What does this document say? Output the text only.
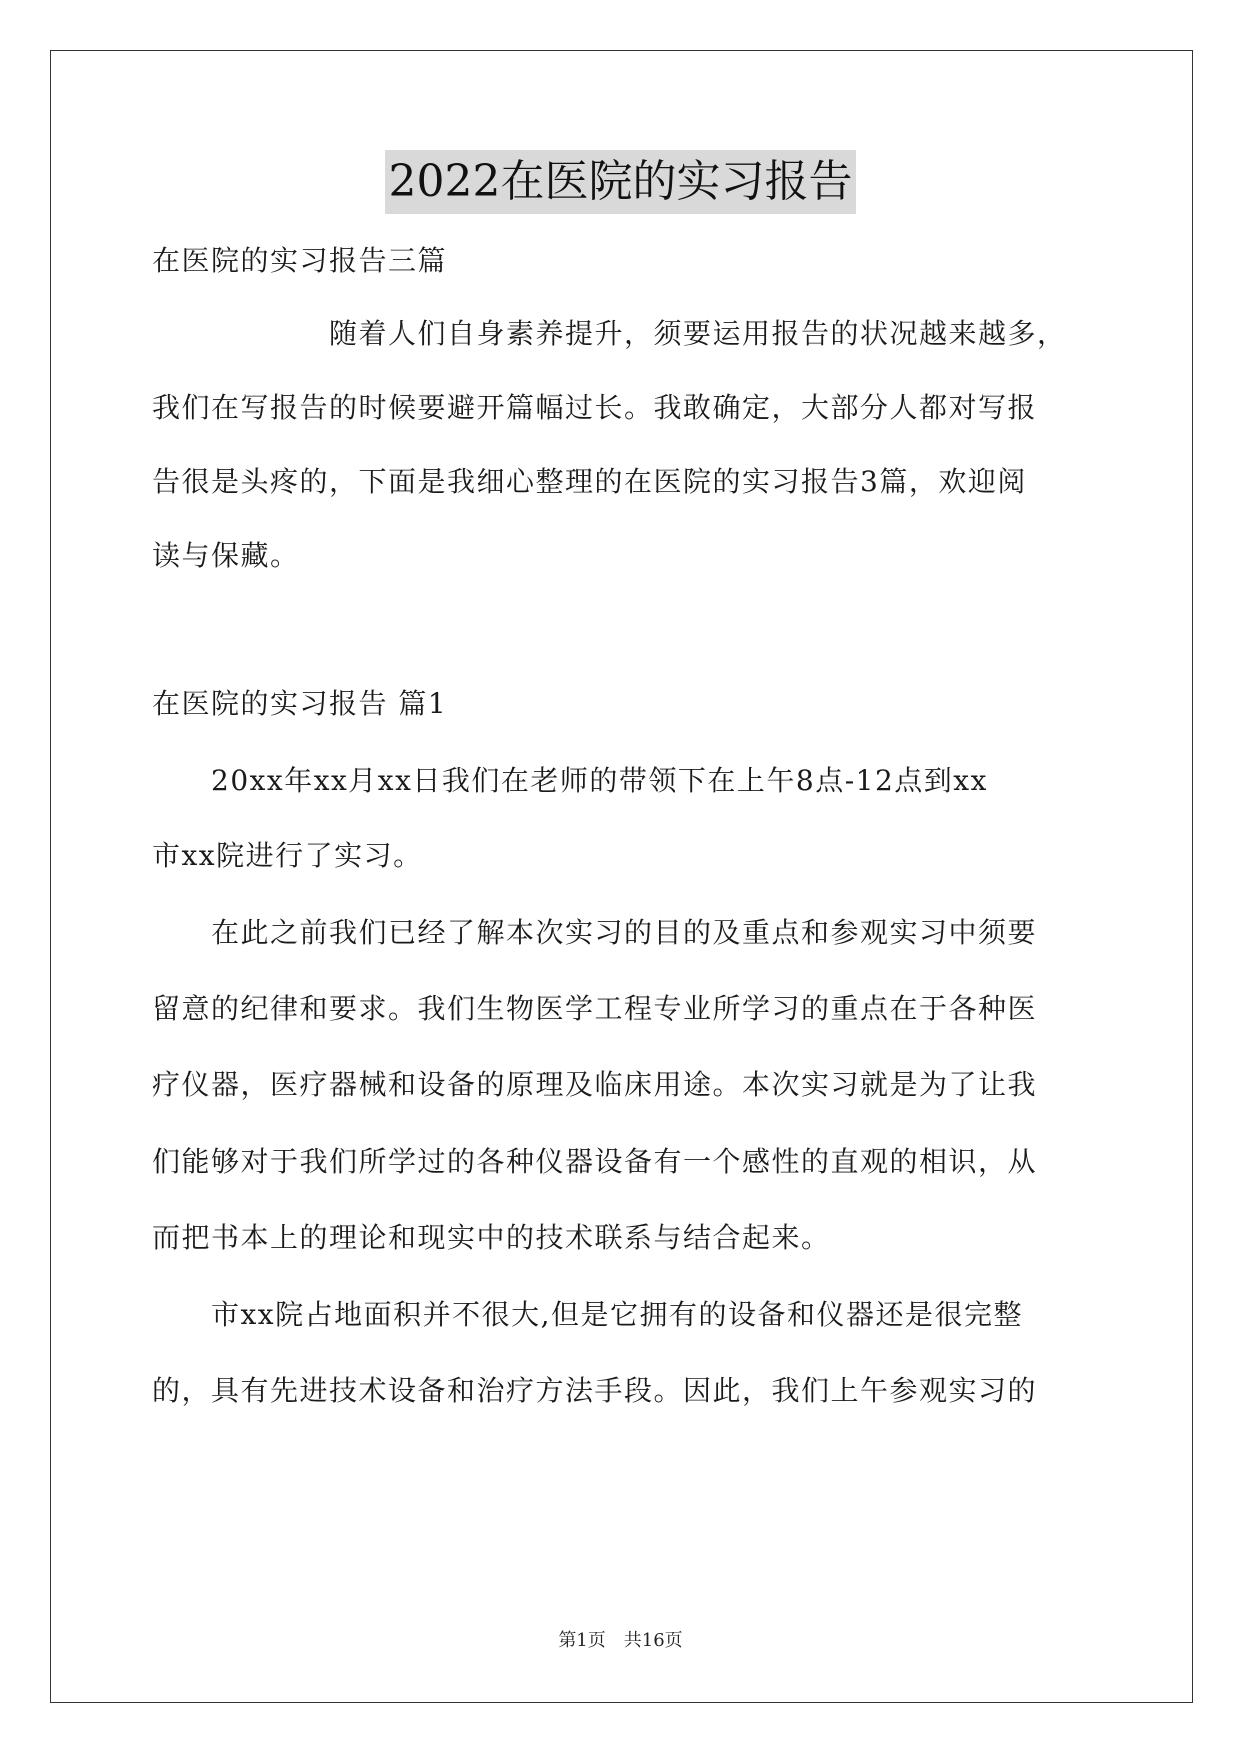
2022在医院的实习报告
在医院的实习报告三篇
　　　　　　随着人们自身素养提升，须要运用报告的状况越来越多，
我们在写报告的时候要避开篇幅过长。我敢确定，大部分人都对写报
告很是头疼的，下面是我细心整理的在医院的实习报告3篇，欢迎阅
读与保藏。
在医院的实习报告 篇1
　　20xx年xx月xx日我们在老师的带领下在上午8点-12点到xx
市xx院进行了实习。
　　在此之前我们已经了解本次实习的目的及重点和参观实习中须要
留意的纪律和要求。我们生物医学工程专业所学习的重点在于各种医
疗仪器，医疗器械和设备的原理及临床用途。本次实习就是为了让我
们能够对于我们所学过的各种仪器设备有一个感性的直观的相识，从
而把书本上的理论和现实中的技术联系与结合起来。
　　市xx院占地面积并不很大,但是它拥有的设备和仪器还是很完整
的，具有先进技术设备和治疗方法手段。因此，我们上午参观实习的
第1页　共16页
